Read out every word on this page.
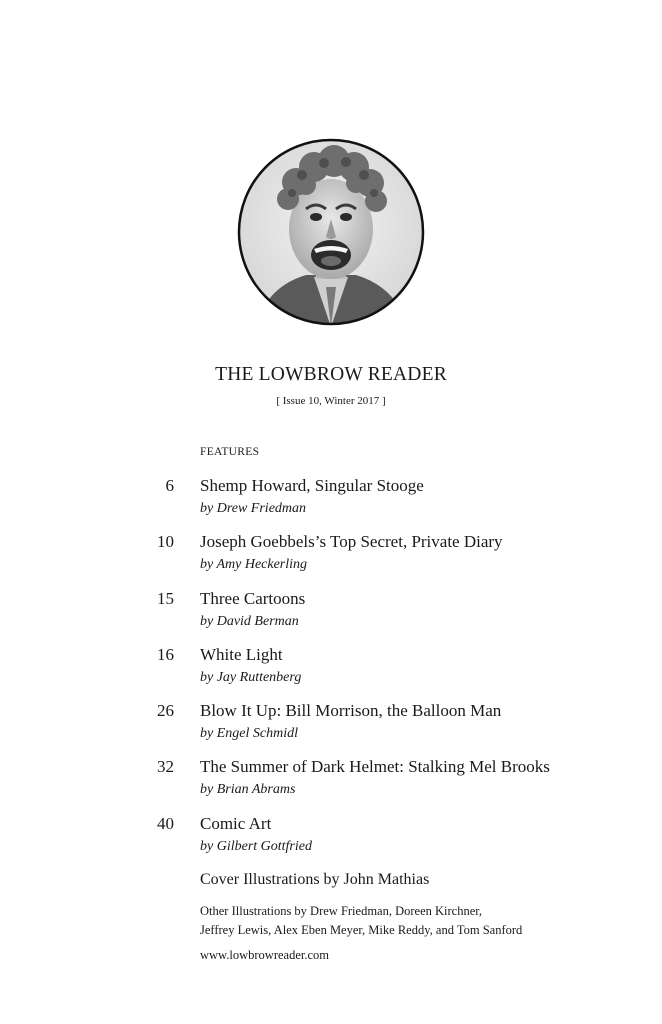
THE LOWBROW READER
[ Issue 10, Winter 2017 ]
FEATURES
6 Shemp Howard, Singular Stooge
by Drew Friedman
10 Joseph Goebbels’s Top Secret, Private Diary
by Amy Heckerling
15 Three Cartoons
by David Berman
16 White Light
by Jay Ruttenberg
26 Blow It Up: Bill Morrison, the Balloon Man
by Engel Schmidl
32 The Summer of Dark Helmet: Stalking Mel Brooks
by Brian Abrams
40 Comic Art
by Gilbert Gottfried
Cover Illustrations by John Mathias
Other Illustrations by Drew Friedman, Doreen Kirchner,
Jeffrey Lewis, Alex Eben Meyer, Mike Reddy, and Tom Sanford
www.lowbrowreader.com
